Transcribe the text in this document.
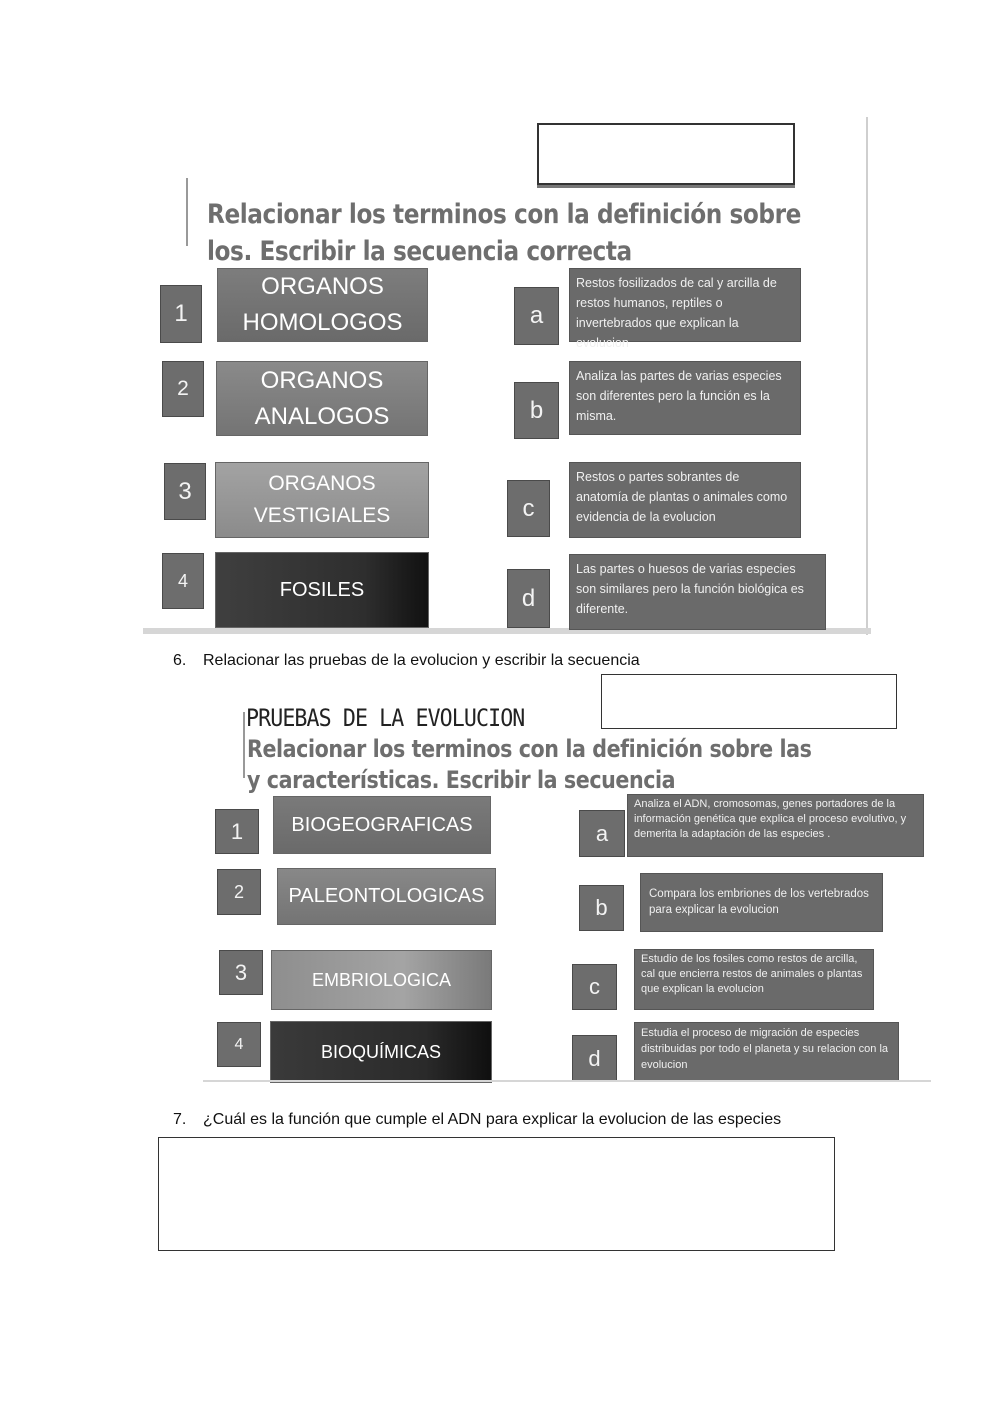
Relacionar los terminos con la definición sobre
los. Escribir la secuencia correcta
1
2
3
4
ORGANOS HOMOLOGOS
ORGANOS ANALOGOS
ORGANOS VESTIGIALES
FOSILES
a
b
c
d
Restos fosilizados de cal y arcilla de restos humanos, reptiles o invertebrados que explican la evolucion
Analiza las partes de varias especies son diferentes pero la función es la misma.
Restos o partes sobrantes de anatomía de plantas o animales como evidencia de la evolucion
Las partes o huesos de varias especies son similares pero la función biológica es diferente.
6. Relacionar las pruebas de la evolucion y escribir la secuencia
PRUEBAS DE LA EVOLUCION
Relacionar los terminos con la definición sobre las
y características. Escribir la secuencia
1
2
3
4
BIOGEOGRAFICAS
PALEONTOLOGICAS
EMBRIOLOGICA
BIOQUÍMICAS
a
b
c
d
Analiza el ADN, cromosomas, genes portadores de la información genética que explica el proceso evolutivo, y demerita la adaptación de las especies .
Compara los embriones de los vertebrados para explicar la evolucion
Estudio de los fosiles como restos de arcilla, cal que encierra restos de animales o plantas que explican la evolucion
Estudia el proceso de migración de especies distribuidas por todo el planeta y su relacion con la evolucion
7. ¿Cuál es la función que cumple el ADN para explicar la evolucion de las especies
